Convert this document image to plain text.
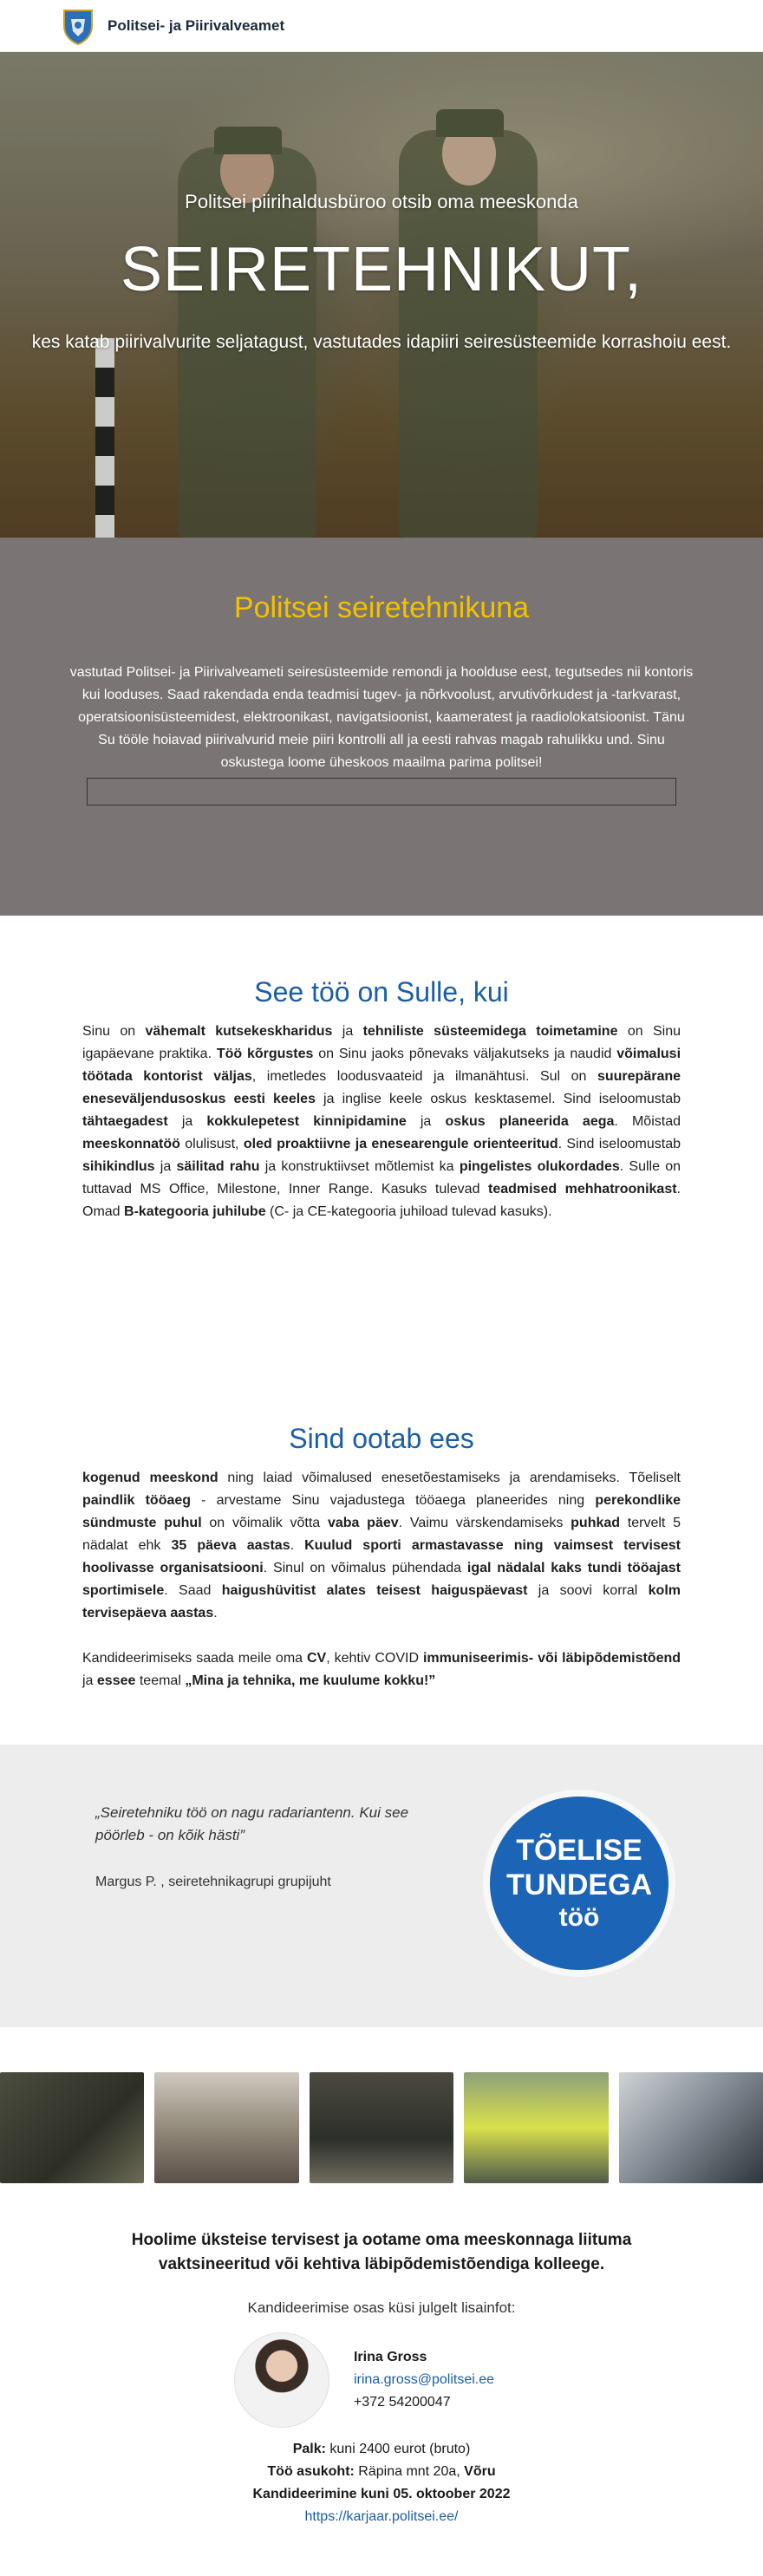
Politsei- ja Piirivalveamet
Politsei piirihaldusbüroo otsib oma meeskonda
SEIRETEHNIKUT,
kes katab piirivalvurite seljatagust, vastutades idapiiri seiresüsteemide korrashoiu eest.
Politsei seiretehnikuna

vastutad Politsei- ja Piirivalveameti seiresüsteemide remondi ja hoolduse eest, tegutsedes nii kontoris kui looduses. Saad rakendada enda teadmisi tugev- ja nõrkvoolust, arvutivõrkudest ja -tarkvarast, operatsioonisüsteemidest, elektroonikast, navigatsioonist, kaameratest ja raadiolokatsioonist. Tänu Su tööle hoiavad piirivalvurid meie piiri kontrolli all ja eesti rahvas magab rahulikku und. Sinu oskustega loome üheskoos maailma parima politsei!

See töö on Sulle, kui

Sinu on vähemalt kutsekeskharidus ja tehniliste süsteemidega toimetamine on Sinu igapäevane praktika. Töö kõrgustes on Sinu jaoks põnevaks väljakutseks ja naudid võimalusi töötada kontorist väljas, imetledes loodusvaateid ja ilmanähtusi. Sul on suurepärane eneseväljendusoskus eesti keeles ja inglise keele oskus kesktasemel. Sind iseloomustab tähtaegadest ja kokkulepetest kinnipidamine ja oskus planeerida aega. Mõistad meeskonnatöö olulisust, oled proaktiivne ja enesearengule orienteeritud. Sind iseloomustab sihikindlus ja säilitad rahu ja konstruktiivset mõtlemist ka pingelistes olukordades. Sulle on tuttavad MS Office, Milestone, Inner Range. Kasuks tulevad teadmised mehhatroonikast. Omad B-kategooria juhilube (C- ja CE-kategooria juhiload tulevad kasuks).

Sind ootab ees

kogenud meeskond ning laiad võimalused enesetõestamiseks ja arendamiseks. Tõeliselt paindlik tööaeg - arvestame Sinu vajadustega tööaega planeerides ning perekondlike sündmuste puhul on võimalik võtta vaba päev. Vaimu värskendamiseks puhkad tervelt 5 nädalat ehk 35 päeva aastas. Kuulud sporti armastavasse ning vaimsest tervisest hoolivasse organisatsiooni. Sinul on võimalus pühendada igal nädalal kaks tundi tööajast sportimisele. Saad haigushüvitist alates teisest haiguspäevast ja soovi korral kolm tervisepäeva aastas.

Kandideerimiseks saada meile oma CV, kehtiv COVID immuniseerimis- või läbipõdemistõend ja essee teemal „Mina ja tehnika, me kuulume kokku!”

„Seiretehniku töö on nagu radariantenn. Kui see pöörleb - on kõik hästi”
Margus P. , seiretehnikagrupi grupijuht
TÕELISE
TUNDEGA
töö
Hoolime üksteise tervisest ja ootame oma meeskonnaga liituma vaktsineeritud või kehtiva läbipõdemistõendiga kolleege.
Kandideerimise osas küsi julgelt lisainfot:
Irina Gross
irina.gross@politsei.ee
+372 54200047
Palk: kuni 2400 eurot (bruto)
Töö asukoht: Räpina mnt 20a, Võru
Kandideerimine kuni 05. oktoober 2022
https://karjaar.politsei.ee/
